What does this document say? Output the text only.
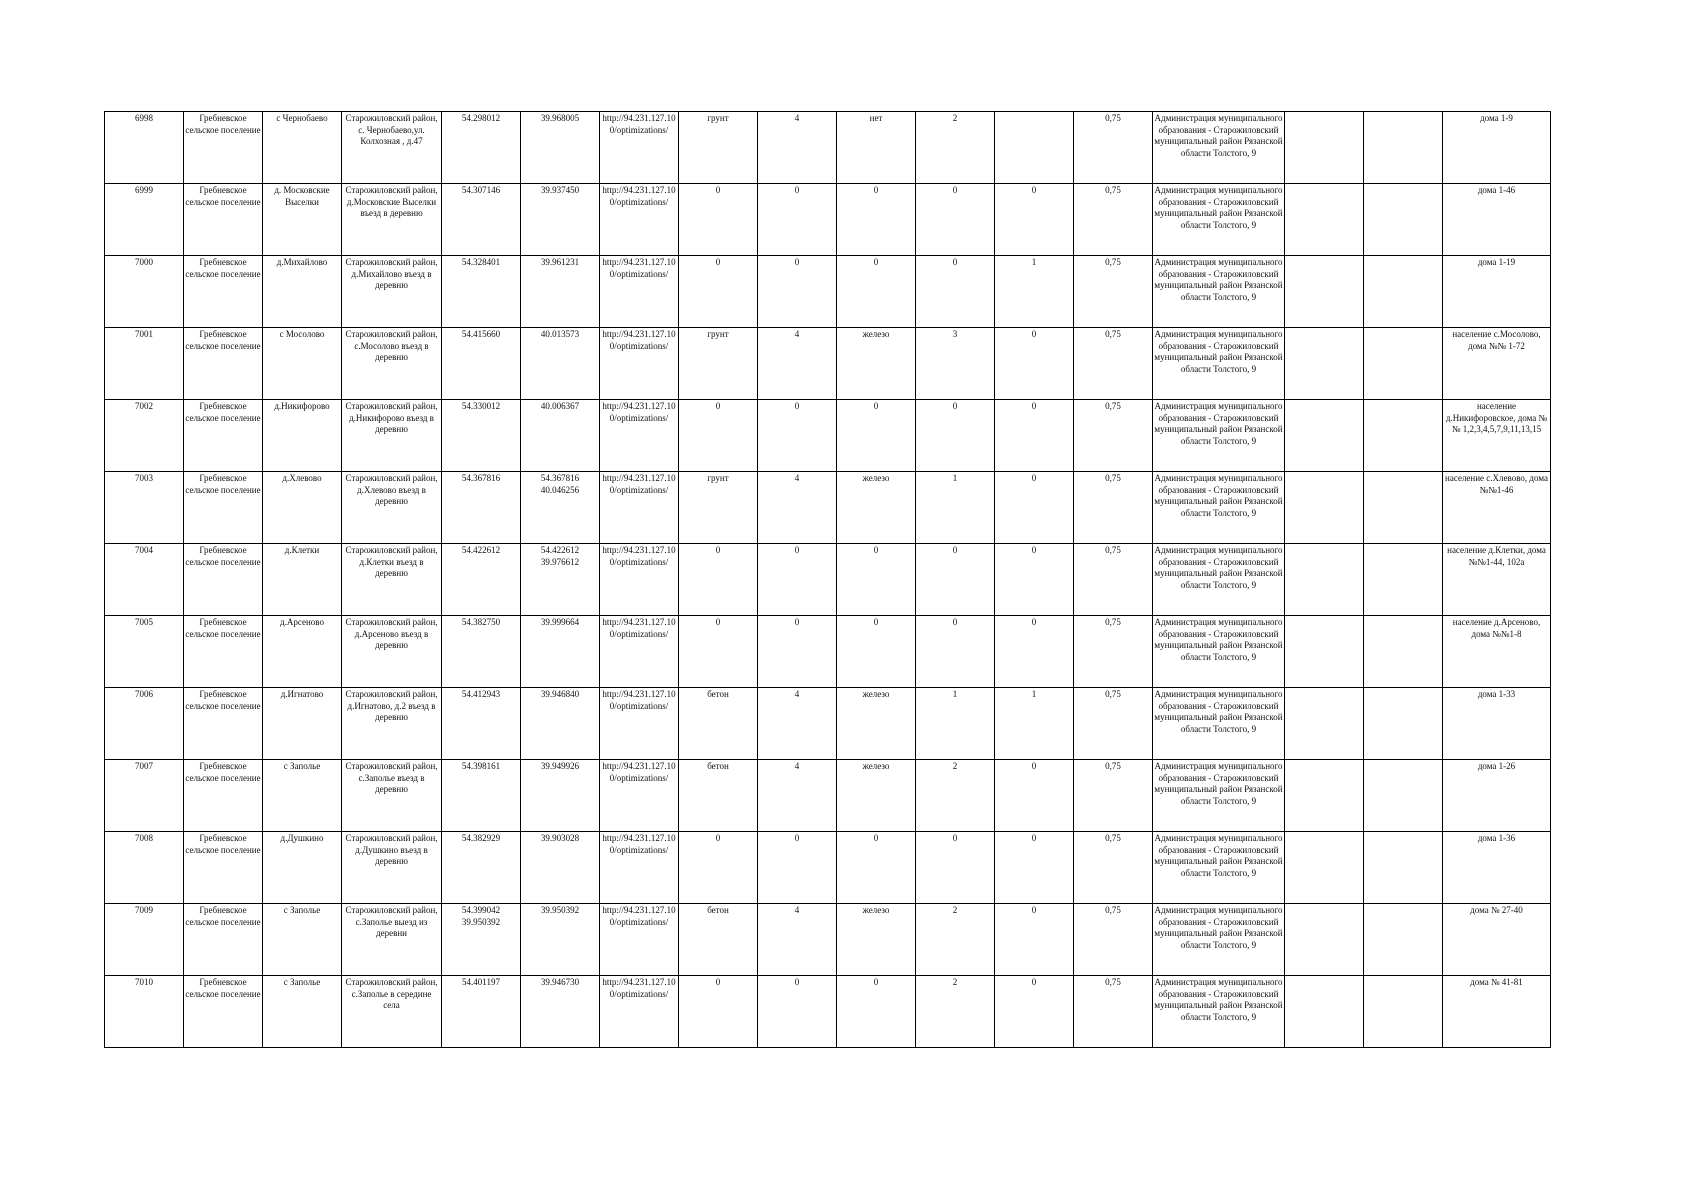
6998	Гребневское сельское поселение	с Чернобаево	Старожиловский район, с. Чернобаево,ул. Колхозная , д.47	54.298012	39.968005	http://94.231.127.10 0/optimizations/	грунт	4	нет	2		0,75	Администрация муниципального образования - Старожиловский муниципальный район Рязанской области Толстого, 9			дома 1-9
6999	Гребневское сельское поселение	д. Московские Выселки	Старожиловский район, д.Московские Выселки въезд в деревню	54.307146	39.937450	http://94.231.127.10 0/optimizations/	0	0	0	0	0	0,75	Администрация муниципального образования - Старожиловский муниципальный район Рязанской области Толстого, 9			дома 1-46
7000	Гребневское сельское поселение	д.Михайлово	Старожиловский район, д.Михайлово въезд в деревню	54.328401	39.961231	http://94.231.127.10 0/optimizations/	0	0	0	0	1	0,75	Администрация муниципального образования - Старожиловский муниципальный район Рязанской области Толстого, 9			дома 1-19
7001	Гребневское сельское поселение	с Мосолово	Старожиловский район, с.Мосолово въезд в деревню	54.415660	40.013573	http://94.231.127.10 0/optimizations/	грунт	4	железо	3	0	0,75	Администрация муниципального образования - Старожиловский муниципальный район Рязанской области Толстого, 9			население с.Мосолово, дома №№ 1-72
7002	Гребневское сельское поселение	д.Никифорово	Старожиловский район, д.Никифорово въезд в деревню	54.330012	40.006367	http://94.231.127.10 0/optimizations/	0	0	0	0	0	0,75	Администрация муниципального образования - Старожиловский муниципальный район Рязанской области Толстого, 9			население д.Никифоровское, дома №№ 1,2,3,4,5,7,9,11,13,15
7003	Гребневское сельское поселение	д.Хлевово	Старожиловский район, д.Хлевово въезд в деревню	54.367816	54.367816 40.046256	http://94.231.127.10 0/optimizations/	грунт	4	железо	1	0	0,75	Администрация муниципального образования - Старожиловский муниципальный район Рязанской области Толстого, 9			население с.Хлевово, дома №№1-46
7004	Гребневское сельское поселение	д.Клетки	Старожиловский район, д.Клетки въезд в деревню	54.422612	54.422612 39.976612	http://94.231.127.10 0/optimizations/	0	0	0	0	0	0,75	Администрация муниципального образования - Старожиловский муниципальный район Рязанской области Толстого, 9			население д.Клетки, дома №№1-44, 102а
7005	Гребневское сельское поселение	д.Арсеново	Старожиловский район, д.Арсеново въезд в деревню	54.382750	39.999664	http://94.231.127.10 0/optimizations/	0	0	0	0	0	0,75	Администрация муниципального образования - Старожиловский муниципальный район Рязанской области Толстого, 9			население д.Арсеново, дома №№1-8
7006	Гребневское сельское поселение	д.Игнатово	Старожиловский район, д.Игнатово, д.2 въезд в деревню	54.412943	39.946840	http://94.231.127.10 0/optimizations/	бетон	4	железо	1	1	0,75	Администрация муниципального образования - Старожиловский муниципальный район Рязанской области Толстого, 9			дома 1-33
7007	Гребневское сельское поселение	с Заполье	Старожиловский район, с.Заполье въезд в деревню	54.398161	39.949926	http://94.231.127.10 0/optimizations/	бетон	4	железо	2	0	0,75	Администрация муниципального образования - Старожиловский муниципальный район Рязанской области Толстого, 9			дома 1-26
7008	Гребневское сельское поселение	д.Душкино	Старожиловский район, д.Душкино въезд в деревню	54.382929	39.903028	http://94.231.127.10 0/optimizations/	0	0	0	0	0	0,75	Администрация муниципального образования - Старожиловский муниципальный район Рязанской области Толстого, 9			дома 1-36
7009	Гребневское сельское поселение	с Заполье	Старожиловский район, с.Заполье выезд из деревни	54.399042 39.950392	39.950392	http://94.231.127.10 0/optimizations/	бетон	4	железо	2	0	0,75	Администрация муниципального образования - Старожиловский муниципальный район Рязанской области Толстого, 9			дома № 27-40
7010	Гребневское сельское поселение	с Заполье	Старожиловский район, с.Заполье в середине села	54.401197	39.946730	http://94.231.127.10 0/optimizations/	0	0	0	2	0	0,75	Администрация муниципального образования - Старожиловский муниципальный район Рязанской области Толстого, 9			дома № 41-81
